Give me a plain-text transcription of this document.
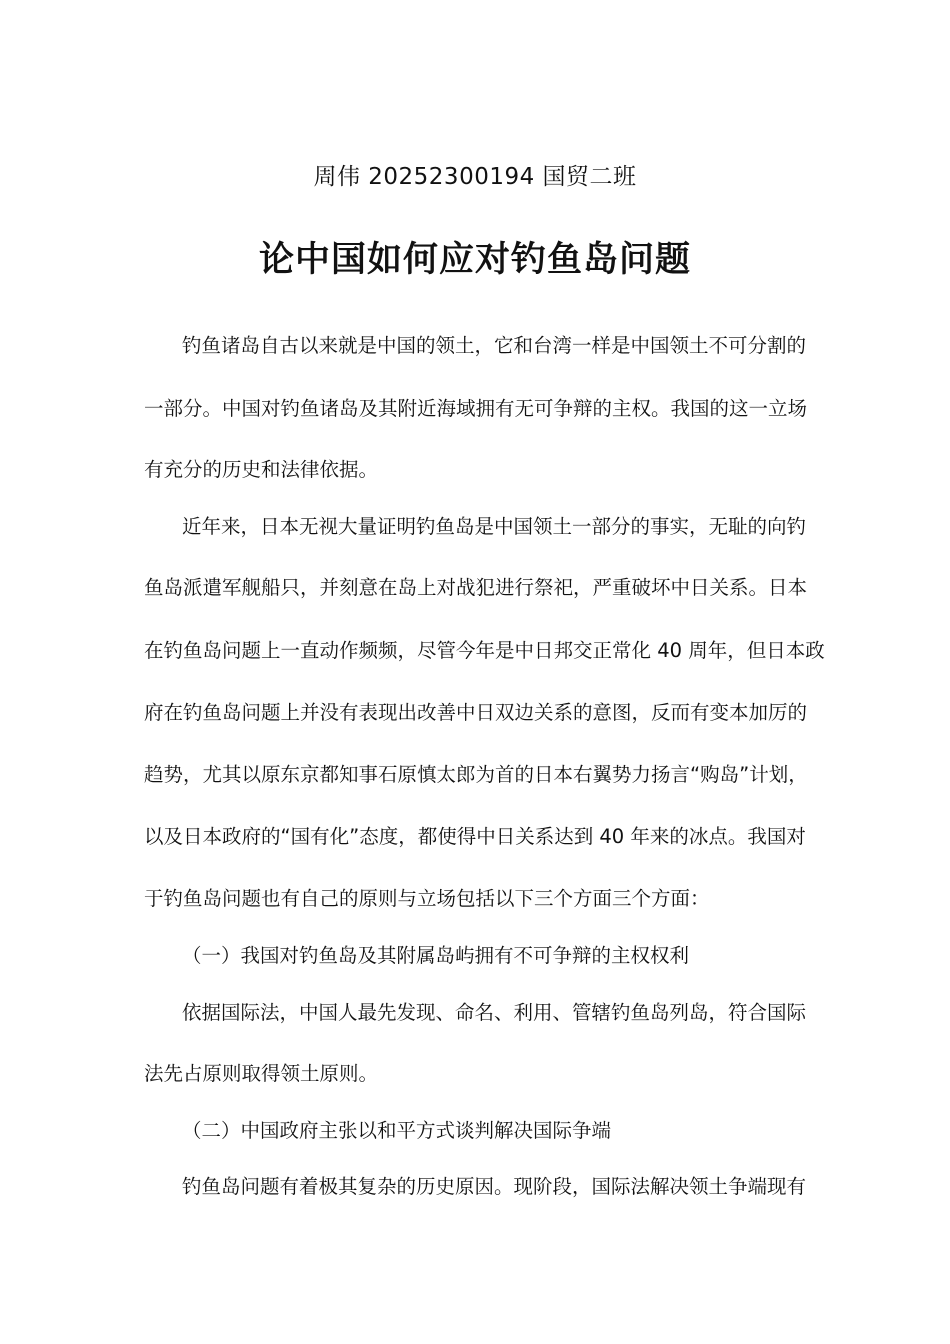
周伟 20252300194 国贸二班
论中国如何应对钓鱼岛问题
钓鱼诸岛自古以来就是中国的领土，它和台湾一样是中国领土不可分割的
一部分。中国对钓鱼诸岛及其附近海域拥有无可争辩的主权。我国的这一立场
有充分的历史和法律依据。
近年来，日本无视大量证明钓鱼岛是中国领土一部分的事实，无耻的向钓
鱼岛派遣军舰船只，并刻意在岛上对战犯进行祭祀，严重破坏中日关系。日本
在钓鱼岛问题上一直动作频频，尽管今年是中日邦交正常化 40 周年，但日本政
府在钓鱼岛问题上并没有表现出改善中日双边关系的意图，反而有变本加厉的
趋势，尤其以原东京都知事石原慎太郎为首的日本右翼势力扬言“购岛”计划，
以及日本政府的“国有化”态度，都使得中日关系达到 40 年来的冰点。我国对
于钓鱼岛问题也有自己的原则与立场包括以下三个方面三个方面：
（一）我国对钓鱼岛及其附属岛屿拥有不可争辩的主权权利
依据国际法，中国人最先发现、命名、利用、管辖钓鱼岛列岛，符合国际
法先占原则取得领土原则。
（二）中国政府主张以和平方式谈判解决国际争端
钓鱼岛问题有着极其复杂的历史原因。现阶段，国际法解决领土争端现有
